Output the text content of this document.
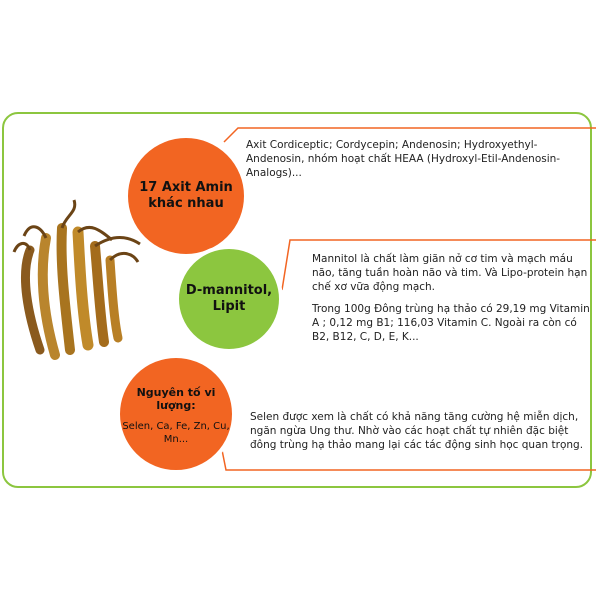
17 Axit Amin khác nhau
D-mannitol, Lipit
Nguyên tố vi lượng:
Selen, Ca, Fe, Zn, Cu, Mn...
Axit Cordiceptic; Cordycepin; Andenosin; Hydroxyethyl-Andenosin, nhóm hoạt chất HEAA (Hydroxyl-Etil-Andenosin-Analogs)...

Mannitol là chất làm giãn nở cơ tim và mạch máu não, tăng tuần hoàn não và tim. Và Lipo-protein hạn chế xơ vữa động mạch.

Trong 100g Đông trùng hạ thảo có 29,19 mg Vitamin A ; 0,12 mg B1; 116,03 Vitamin C. Ngoài ra còn có B2, B12, C, D, E, K...

Selen được xem là chất có khả năng tăng cường hệ miễn dịch, ngăn ngừa Ung thư. Nhờ vào các hoạt chất tự nhiên đặc biệt đông trùng hạ thảo mang lại các tác động sinh học quan trọng.
